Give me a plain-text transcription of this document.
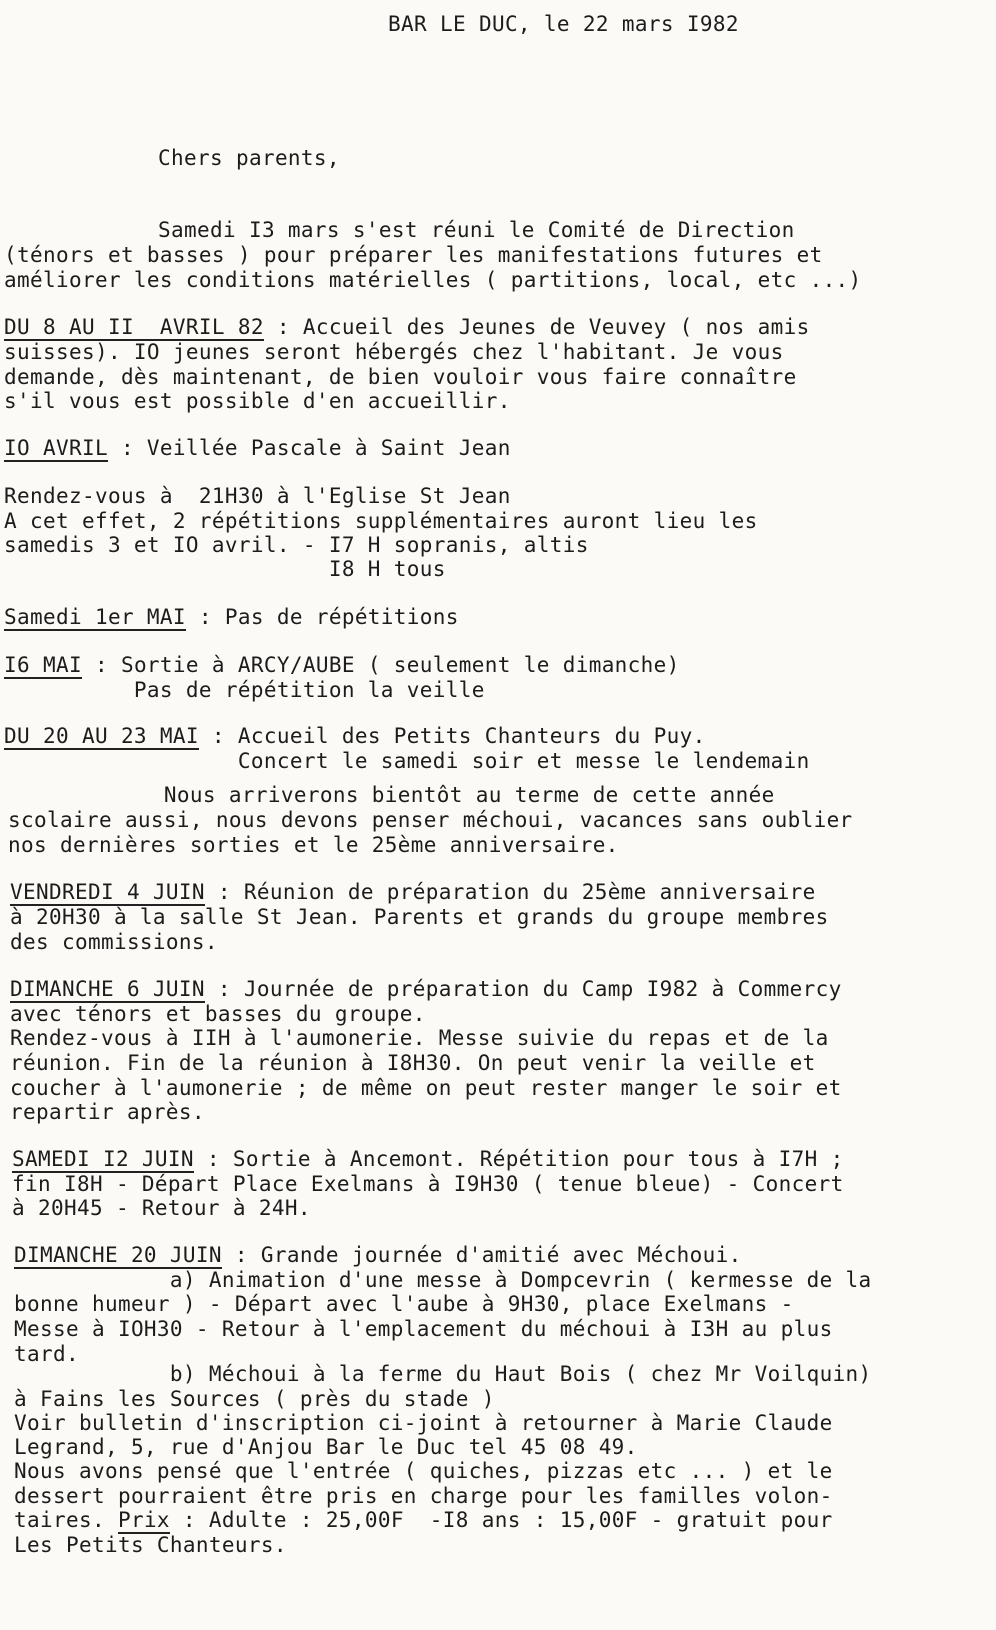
BAR LE DUC, le 22 mars I982
Chers parents,
Samedi I3 mars s'est réuni le Comité de Direction
(ténors et basses ) pour préparer les manifestations futures et
améliorer les conditions matérielles ( partitions, local, etc ...)
DU 8 AU II  AVRIL 82 : Accueil des Jeunes de Veuvey ( nos amis
suisses). IO jeunes seront hébergés chez l'habitant. Je vous
demande, dès maintenant, de bien vouloir vous faire connaître
s'il vous est possible d'en accueillir.
IO AVRIL : Veillée Pascale à Saint Jean
Rendez-vous à  21H30 à l'Eglise St Jean
A cet effet, 2 répétitions supplémentaires auront lieu les
samedis 3 et IO avril. - I7 H sopranis, altis
I8 H tous
Samedi 1er MAI : Pas de répétitions
I6 MAI : Sortie à ARCY/AUBE ( seulement le dimanche)
Pas de répétition la veille
DU 20 AU 23 MAI : Accueil des Petits Chanteurs du Puy.
Concert le samedi soir et messe le lendemain
Nous arriverons bientôt au terme de cette année
scolaire aussi, nous devons penser méchoui, vacances sans oublier
nos dernières sorties et le 25ème anniversaire.
VENDREDI 4 JUIN : Réunion de préparation du 25ème anniversaire
à 20H30 à la salle St Jean. Parents et grands du groupe membres
des commissions.
DIMANCHE 6 JUIN : Journée de préparation du Camp I982 à Commercy
avec ténors et basses du groupe.
Rendez-vous à IIH à l'aumonerie. Messe suivie du repas et de la
réunion. Fin de la réunion à I8H30. On peut venir la veille et
coucher à l'aumonerie ; de même on peut rester manger le soir et
repartir après.
SAMEDI I2 JUIN : Sortie à Ancemont. Répétition pour tous à I7H ;
fin I8H - Départ Place Exelmans à I9H30 ( tenue bleue) - Concert
à 20H45 - Retour à 24H.
DIMANCHE 20 JUIN : Grande journée d'amitié avec Méchoui.
a) Animation d'une messe à Dompcevrin ( kermesse de la
bonne humeur ) - Départ avec l'aube à 9H30, place Exelmans -
Messe à IOH30 - Retour à l'emplacement du méchoui à I3H au plus
tard.
b) Méchoui à la ferme du Haut Bois ( chez Mr Voilquin)
à Fains les Sources ( près du stade )
Voir bulletin d'inscription ci-joint à retourner à Marie Claude
Legrand, 5, rue d'Anjou Bar le Duc tel 45 08 49.
Nous avons pensé que l'entrée ( quiches, pizzas etc ... ) et le
dessert pourraient être pris en charge pour les familles volon-
taires. Prix : Adulte : 25,00F  -I8 ans : 15,00F - gratuit pour
Les Petits Chanteurs.
